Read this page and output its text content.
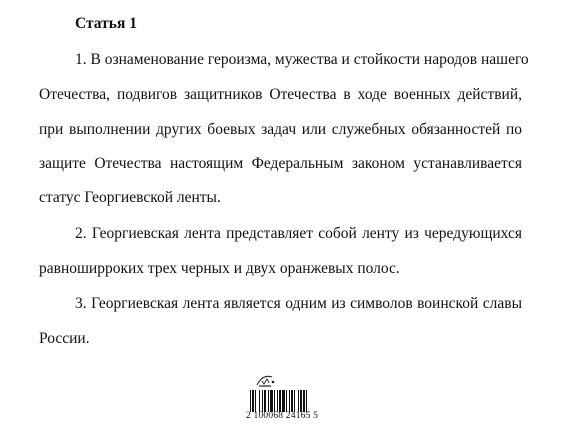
Статья 1
1. В ознаменование героизма, мужества и стойкости народов нашего
Отечества, подвигов защитников Отечества в ходе военных действий,
при выполнении других боевых задач или служебных обязанностей по
защите Отечества настоящим Федеральным законом устанавливается
статус Георгиевской ленты.
2. Георгиевская лента представляет собой ленту из чередующихся
равноширроких трех черных и двух оранжевых полос.
3. Георгиевская лента является одним из символов воинской славы
России.
2 100068 24165 5
